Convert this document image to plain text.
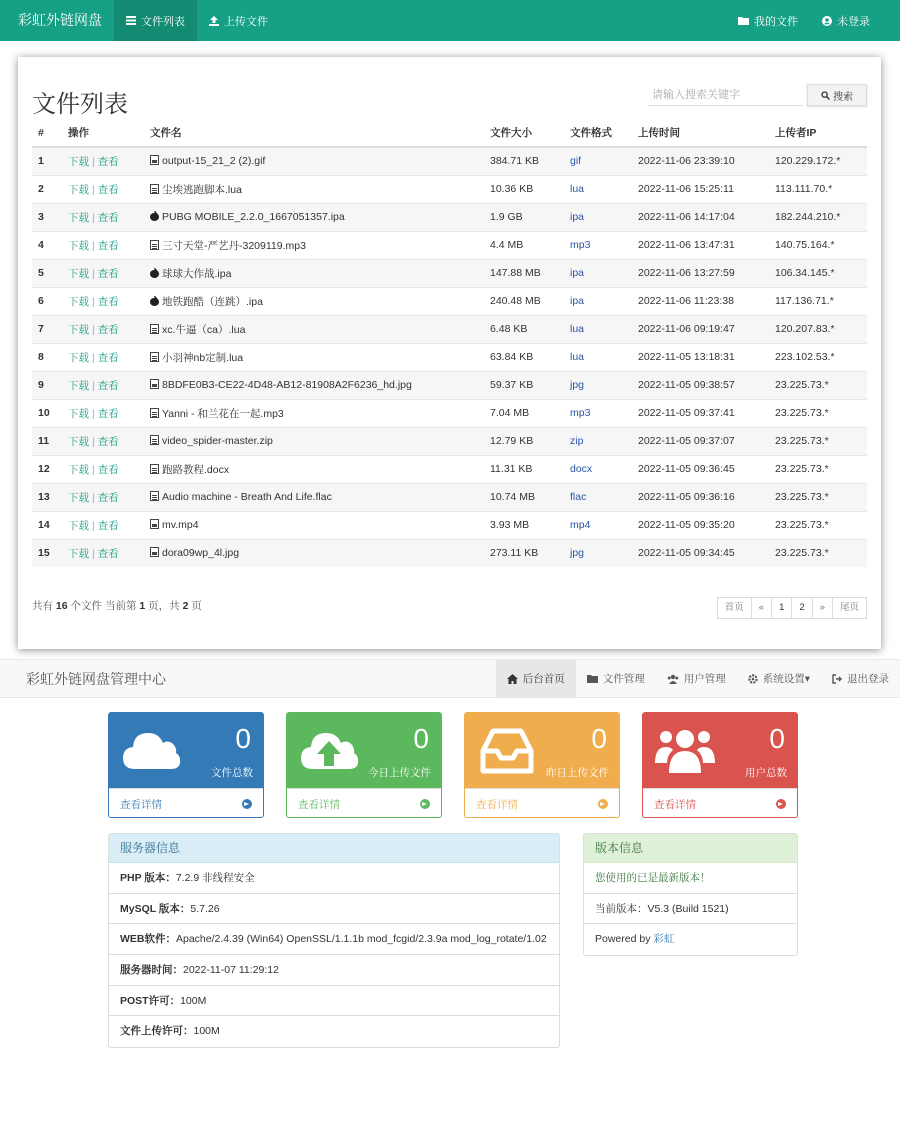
彩虹外链网盘	文件列表	上传文件	我的文件	未登录
文件列表
请输入搜索关键字	搜索
#	操作	文件名	文件大小	文件格式	上传时间	上传者IP
1	下载 | 查看	output-15_21_2 (2).gif	384.71 KB	gif	2022-11-06 23:39:10	120.229.172.*
2	下载 | 查看	尘埃逃跑脚本.lua	10.36 KB	lua	2022-11-06 15:25:11	113.111.70.*
3	下载 | 查看	PUBG MOBILE_2.2.0_1667051357.ipa	1.9 GB	ipa	2022-11-06 14:17:04	182.244.210.*
4	下载 | 查看	三寸天堂-严艺丹-3209119.mp3	4.4 MB	mp3	2022-11-06 13:47:31	140.75.164.*
5	下载 | 查看	球球大作战.ipa	147.88 MB	ipa	2022-11-06 13:27:59	106.34.145.*
6	下载 | 查看	地铁跑酷（连跳）.ipa	240.48 MB	ipa	2022-11-06 11:23:38	117.136.71.*
7	下载 | 查看	xc.牛逼（ca）.lua	6.48 KB	lua	2022-11-06 09:19:47	120.207.83.*
8	下载 | 查看	小羽神nb定制.lua	63.84 KB	lua	2022-11-05 13:18:31	223.102.53.*
9	下载 | 查看	8BDFE0B3-CE22-4D48-AB12-81908A2F6236_hd.jpg	59.37 KB	jpg	2022-11-05 09:38:57	23.225.73.*
10	下载 | 查看	Yanni - 和兰花在一起.mp3	7.04 MB	mp3	2022-11-05 09:37:41	23.225.73.*
11	下载 | 查看	video_spider-master.zip	12.79 KB	zip	2022-11-05 09:37:07	23.225.73.*
12	下载 | 查看	跑路教程.docx	11.31 KB	docx	2022-11-05 09:36:45	23.225.73.*
13	下载 | 查看	Audio machine - Breath And Life.flac	10.74 MB	flac	2022-11-05 09:36:16	23.225.73.*
14	下载 | 查看	mv.mp4	3.93 MB	mp4	2022-11-05 09:35:20	23.225.73.*
15	下载 | 查看	dora09wp_4l.jpg	273.11 KB	jpg	2022-11-05 09:34:45	23.225.73.*
共有 16 个文件 当前第 1 页，共 2 页	首页	«	1	2	»	尾页
彩虹外链网盘管理中心	后台首页	文件管理	用户管理	系统设置▾	退出登录
0
文件总数
查看详情
0
今日上传文件
查看详情
0
昨日上传文件
查看详情
0
用户总数
查看详情
服务器信息
PHP 版本：7.2.9 非线程安全
MySQL 版本：5.7.26
WEB软件：Apache/2.4.39 (Win64) OpenSSL/1.1.1b mod_fcgid/2.3.9a mod_log_rotate/1.02
服务器时间：2022-11-07 11:29:12
POST许可：100M
文件上传许可：100M
版本信息
您使用的已是最新版本！
当前版本：V5.3 (Build 1521)
Powered by 彩虹
